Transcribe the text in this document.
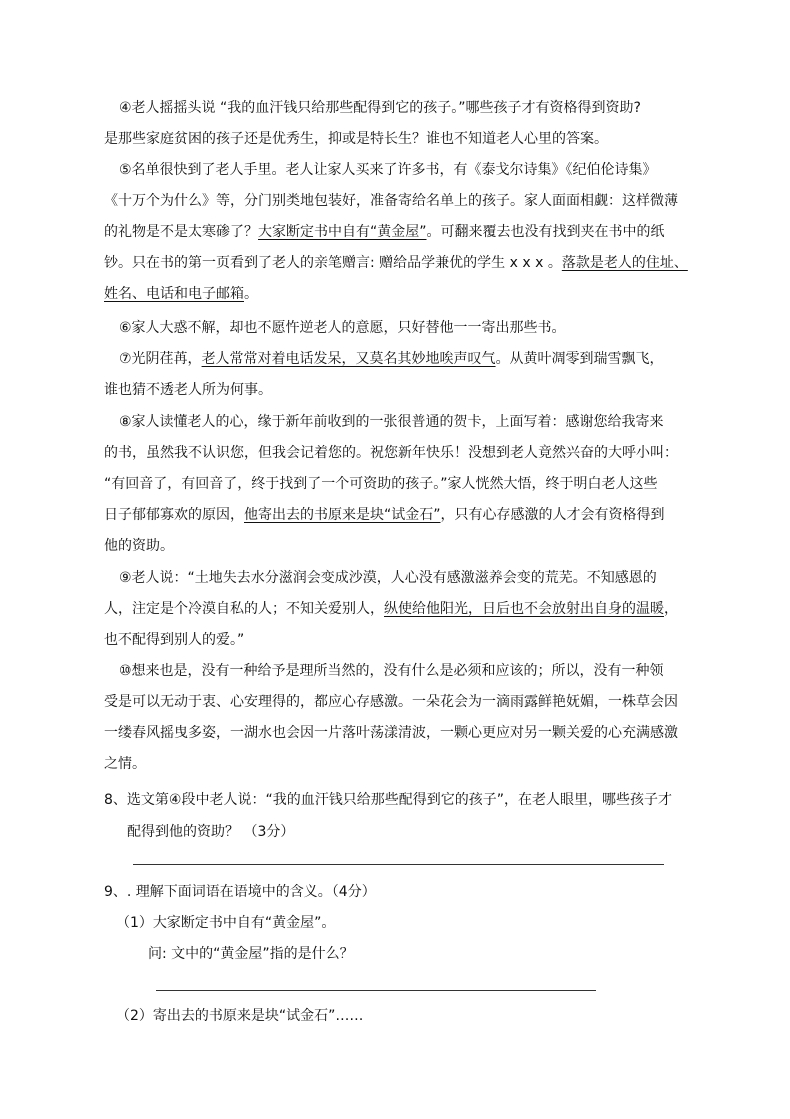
④老人摇摇头说 “我的血汗钱只给那些配得到它的孩子。”哪些孩子才有资格得到资助?
是那些家庭贫困的孩子还是优秀生，抑或是特长生？谁也不知道老人心里的答案。
⑤名单很快到了老人手里。老人让家人买来了许多书，有《泰戈尔诗集》《纪伯伦诗集》
《十万个为什么》等，分门别类地包装好，准备寄给名单上的孩子。家人面面相觑：这样微薄
的礼物是不是太寒碜了？大家断定书中自有“黄金屋”。可翻来覆去也没有找到夹在书中的纸
钞。只在书的第一页看到了老人的亲笔赠言: 赠给品学兼优的学生 x x x 。落款是老人的住址、
姓名、电话和电子邮箱。
⑥家人大惑不解，却也不愿忤逆老人的意愿，只好替他一一寄出那些书。
⑦光阴荏苒，老人常常对着电话发呆，又莫名其妙地唉声叹气。从黄叶凋零到瑞雪飘飞，
谁也猜不透老人所为何事。
⑧家人读懂老人的心，缘于新年前收到的一张很普通的贺卡，上面写着：感谢您给我寄来
的书，虽然我不认识您，但我会记着您的。祝您新年快乐！没想到老人竟然兴奋的大呼小叫：
“有回音了，有回音了，终于找到了一个可资助的孩子。”家人恍然大悟，终于明白老人这些
日子郁郁寡欢的原因，他寄出去的书原来是块“试金石”，只有心存感激的人才会有资格得到
他的资助。
⑨老人说：“土地失去水分滋润会变成沙漠，人心没有感激滋养会变的荒芜。不知感恩的
人，注定是个冷漠自私的人；不知关爱别人，纵使给他阳光，日后也不会放射出自身的温暖，
也不配得到别人的爱。”
⑩想来也是，没有一种给予是理所当然的，没有什么是必须和应该的；所以，没有一种领
受是可以无动于衷、心安理得的，都应心存感激。一朵花会为一滴雨露鲜艳妩媚，一株草会因
一缕春风摇曳多姿，一湖水也会因一片落叶荡漾清波，一颗心更应对另一颗关爱的心充满感激
之情。
8、选文第④段中老人说：“我的血汗钱只给那些配得到它的孩子”，在老人眼里，哪些孩子才
配得到他的资助？ （3分）
9、. 理解下面词语在语境中的含义。（4分）
（1）大家断定书中自有“黄金屋”。
问: 文中的“黄金屋”指的是什么？
（2）寄出去的书原来是块“试金石”……
